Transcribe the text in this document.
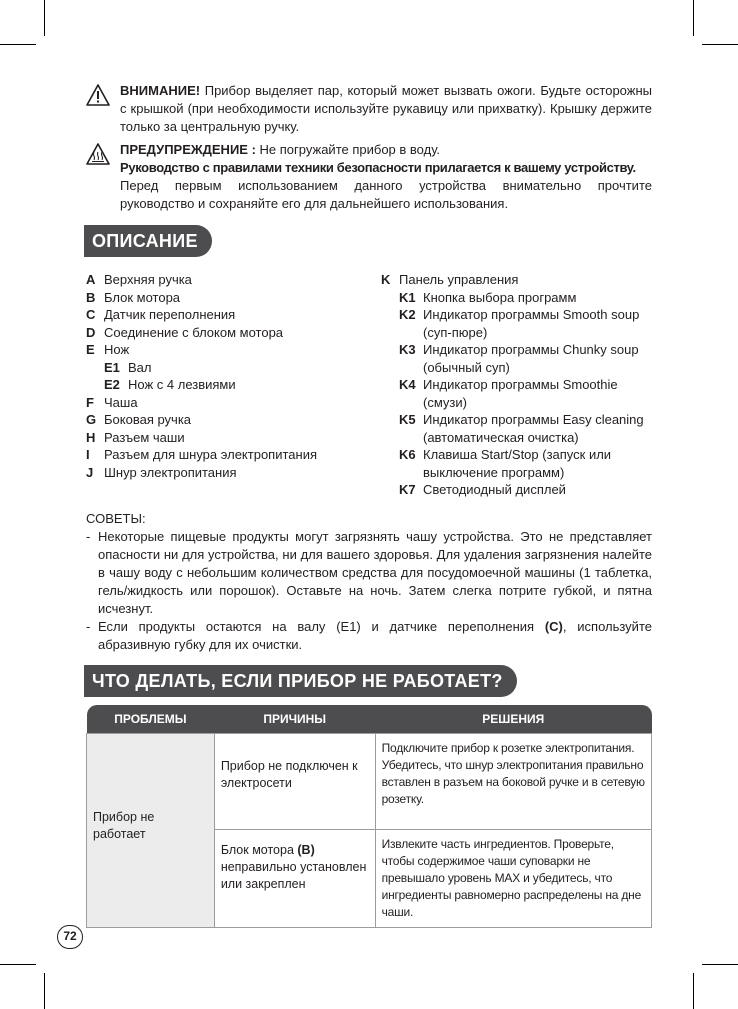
ВНИМАНИЕ! Прибор выделяет пар, который может вызвать ожоги. Будьте осторожны с крышкой (при необходимости используйте рукавицу или прихватку). Крышку держите только за центральную ручку.

ПРЕДУПРЕЖДЕНИЕ : Не погружайте прибор в воду.

Руководство с правилами техники безопасности прилагается к вашему устройству.

Перед первым использованием данного устройства внимательно прочтите руководство и сохраняйте его для дальнейшего использования.

ОПИСАНИЕ
A Верхняя ручка
B Блок мотора
C Датчик переполнения
D Соединение с блоком мотора
E Нож
E1 Вал
E2 Нож с 4 лезвиями
F Чаша
G Боковая ручка
H Разъем чаши
I	Разъем для шнура электропитания
J Шнур электропитания
K Панель управления
K1 Кнопка выбора программ
K2 Индикатор программы Smooth soup (суп-пюре)
K3 Индикатор программы Chunky soup (обычный суп)
K4 Индикатор программы Smoothie (смузи)
K5 Индикатор программы Easy cleaning (автоматическая очистка)
K6 Клавиша Start/Stop (запуск или выключение программ)
K7 Светодиодный дисплей
СОВЕТЫ:
- Некоторые пищевые продукты могут загрязнять чашу устройства. Это не представляет опасности ни для устройства, ни для вашего здоровья. Для удаления загрязнения налейте в чашу воду с небольшим количеством средства для посудомоечной машины (1 таблетка, гель/жидкость или порошок). Оставьте на ночь. Затем слегка потрите губкой, и пятна исчезнут.
- Если продукты остаются на валу (E1) и датчике переполнения (C), используйте абразивную губку для их очистки.
ЧТО ДЕЛАТЬ, ЕСЛИ ПРИБОР НЕ РАБОТАЕТ?
ПРОБЛЕМЫ	ПРИЧИНЫ	РЕШЕНИЯ

Прибор не работает	Прибор не подключен к электросети	Подключите прибор к розетке электропитания. Убедитесь, что шнур электропитания правильно вставлен в разъем на боковой ручке и в сетевую розетку.
	Блок мотора (B) неправильно установлен или закреплен	Извлеките часть ингредиентов. Проверьте, чтобы содержимое чаши суповарки не превышало уровень MAX и убедитесь, что ингредиенты равномерно распределены на дне чаши.
72
